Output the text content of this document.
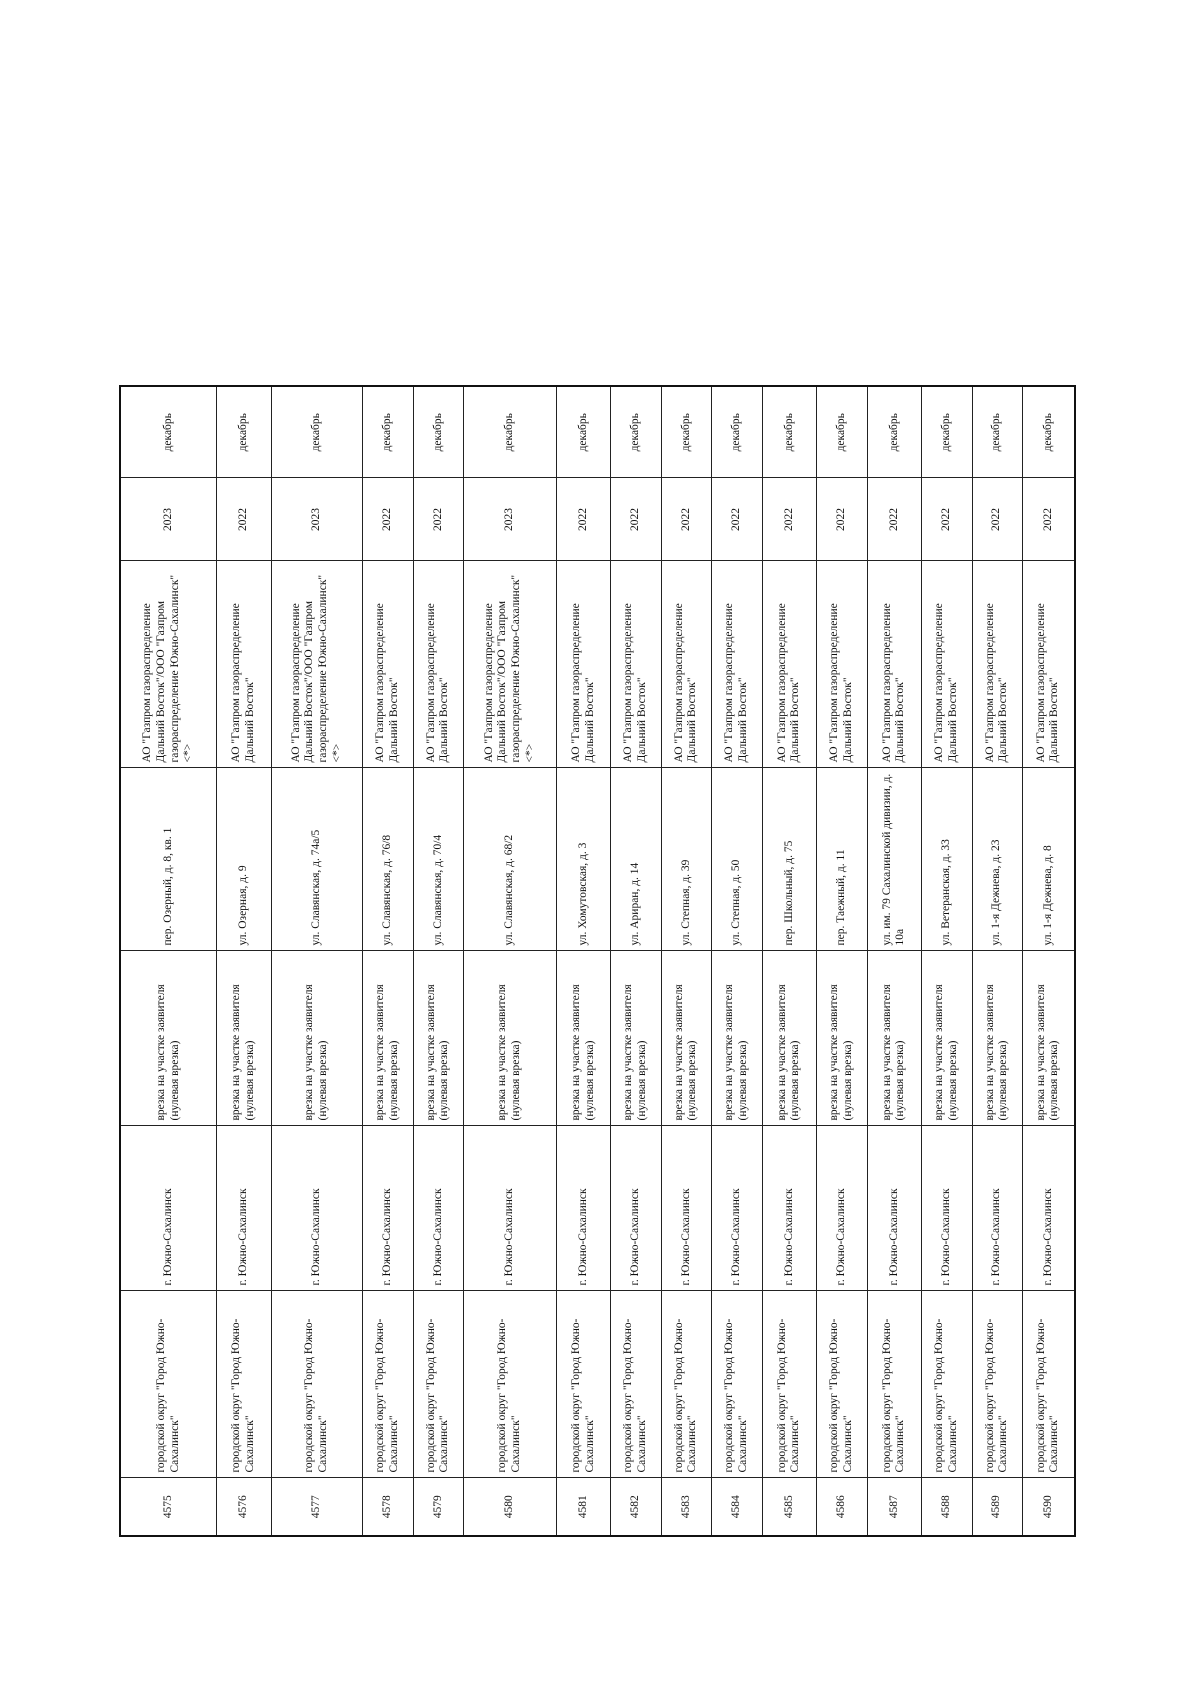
4575	городской округ "Город Южно-Сахалинск"	г. Южно-Сахалинск	врезка на участке заявителя (нулевая врезка)	пер. Озерный, д. 8, кв. 1	АО "Газпром газораспределение Дальний Восток"/ООО "Газпром газораспределение Южно-Сахалинск" <*>	2023	декабрь
4576	городской округ "Город Южно-Сахалинск"	г. Южно-Сахалинск	врезка на участке заявителя (нулевая врезка)	ул. Озерная, д. 9	АО "Газпром газораспределение Дальний Восток"	2022	декабрь
4577	городской округ "Город Южно-Сахалинск"	г. Южно-Сахалинск	врезка на участке заявителя (нулевая врезка)	ул. Славянская, д. 74а/5	АО "Газпром газораспределение Дальний Восток"/ООО "Газпром газораспределение Южно-Сахалинск" <*>	2023	декабрь
4578	городской округ "Город Южно-Сахалинск"	г. Южно-Сахалинск	врезка на участке заявителя (нулевая врезка)	ул. Славянская, д. 76/8	АО "Газпром газораспределение Дальний Восток"	2022	декабрь
4579	городской округ "Город Южно-Сахалинск"	г. Южно-Сахалинск	врезка на участке заявителя (нулевая врезка)	ул. Славянская, д. 70/4	АО "Газпром газораспределение Дальний Восток"	2022	декабрь
4580	городской округ "Город Южно-Сахалинск"	г. Южно-Сахалинск	врезка на участке заявителя (нулевая врезка)	ул. Славянская, д. 68/2	АО "Газпром газораспределение Дальний Восток"/ООО "Газпром газораспределение Южно-Сахалинск" <*>	2023	декабрь
4581	городской округ "Город Южно-Сахалинск"	г. Южно-Сахалинск	врезка на участке заявителя (нулевая врезка)	ул. Хомутовская, д. 3	АО "Газпром газораспределение Дальний Восток"	2022	декабрь
4582	городской округ "Город Южно-Сахалинск"	г. Южно-Сахалинск	врезка на участке заявителя (нулевая врезка)	ул. Ариран, д. 14	АО "Газпром газораспределение Дальний Восток"	2022	декабрь
4583	городской округ "Город Южно-Сахалинск"	г. Южно-Сахалинск	врезка на участке заявителя (нулевая врезка)	ул. Степная, д. 39	АО "Газпром газораспределение Дальний Восток"	2022	декабрь
4584	городской округ "Город Южно-Сахалинск"	г. Южно-Сахалинск	врезка на участке заявителя (нулевая врезка)	ул. Степная, д. 50	АО "Газпром газораспределение Дальний Восток"	2022	декабрь
4585	городской округ "Город Южно-Сахалинск"	г. Южно-Сахалинск	врезка на участке заявителя (нулевая врезка)	пер. Школьный, д. 75	АО "Газпром газораспределение Дальний Восток"	2022	декабрь
4586	городской округ "Город Южно-Сахалинск"	г. Южно-Сахалинск	врезка на участке заявителя (нулевая врезка)	пер. Таежный, д. 11	АО "Газпром газораспределение Дальний Восток"	2022	декабрь
4587	городской округ "Город Южно-Сахалинск"	г. Южно-Сахалинск	врезка на участке заявителя (нулевая врезка)	ул. им. 79 Сахалинской дивизии, д. 10а	АО "Газпром газораспределение Дальний Восток"	2022	декабрь
4588	городской округ "Город Южно-Сахалинск"	г. Южно-Сахалинск	врезка на участке заявителя (нулевая врезка)	ул. Ветеранская, д. 33	АО "Газпром газораспределение Дальний Восток"	2022	декабрь
4589	городской округ "Город Южно-Сахалинск"	г. Южно-Сахалинск	врезка на участке заявителя (нулевая врезка)	ул. 1-я Дежнева, д. 23	АО "Газпром газораспределение Дальний Восток"	2022	декабрь
4590	городской округ "Город Южно-Сахалинск"	г. Южно-Сахалинск	врезка на участке заявителя (нулевая врезка)	ул. 1-я Дежнева, д. 8	АО "Газпром газораспределение Дальний Восток"	2022	декабрь
